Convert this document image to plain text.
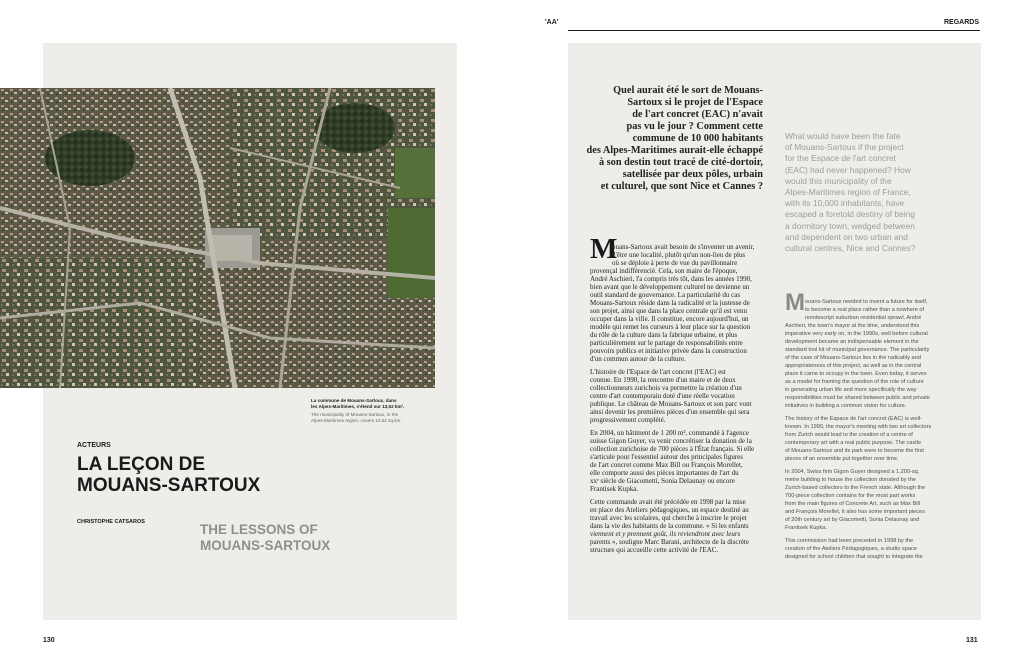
'AA'	REGARDS
La commune de Mouans-Sartoux, dans
les Alpes-Maritimes, s'étend sur 13,52 km².
The municipality of Mouans-Sartoux, in the
Alpes-Maritimes region, covers 13.52 sq.km.
ACTEURS
LA LEÇON DE
MOUANS-SARTOUX
CHRISTOPHE CATSAROS	THE LESSONS OF
MOUANS-SARTOUX
130
Quel aurait été le sort de Mouans-
Sartoux si le projet de l'Espace
de l'art concret (EAC) n'avait
pas vu le jour ? Comment cette
commune de 10 000 habitants
des Alpes-Maritimes aurait-elle échappé
à son destin tout tracé de cité-dortoir,
satellisée par deux pôles, urbain
et culturel, que sont Nice et Cannes ?
What would have been the fate
of Mouans-Sartoux if the project
for the Espace de l'art concret
(EAC) had never happened? How
would this municipality of the
Alpes-Maritimes region of France,
with its 10,000 inhabitants, have
escaped a foretold destiny of being
a dormitory town, wedged between
and dependent on two urban and
cultural centres, Nice and Cannes?
M

ouans-Sartoux avait besoin de s'inventer un avenir,
d'être une localité, plutôt qu'un non-lieu de plus
où se déploie à perte de vue du pavillonnaire
provençal indifférencié. Cela, son maire de l'époque,
André Aschieri, l'a compris très tôt, dans les années 1990,
bien avant que le développement culturel ne devienne un
outil standard de gouvernance. La particularité du cas
Mouans-Sartoux réside dans la radicalité et la justesse de
son projet, ainsi que dans la place centrale qu'il est venu
occuper dans la ville. Il constitue, encore aujourd'hui, un
modèle qui remet les curseurs à leur place sur la question
du rôle de la culture dans la fabrique urbaine, et plus
particulièrement sur le partage de responsabilités entre
pouvoirs publics et initiative privée dans la construction
d'un commun autour de la culture.

L'histoire de l'Espace de l'art concret (l'EAC) est
connue. En 1990, la rencontre d'un maire et de deux
collectionneurs zurichois va permettre la création d'un
centre d'art contemporain doté d'une réelle vocation
publique. Le château de Mouans-Sartoux et son parc vont
ainsi devenir les premières pièces d'un ensemble qui sera
progressivement complété.

En 2004, un bâtiment de 1 200 m², commandé à l'agence
suisse Gigon Guyer, va venir concrétiser la donation de la
collection zurichoise de 700 pièces à l'État français. Si elle
s'articule pour l'essentiel autour des principales figures
de l'art concret comme Max Bill ou François Morellet,
elle comporte aussi des pièces importantes de l'art du
xxᵉ siècle de Giacometti, Sonia Delaunay ou encore
Frantisek Kupka.

Cette commande avait été précédée en 1998 par la mise
en place des Ateliers pédagogiques, un espace destiné au
travail avec les scolaires, qui cherche à inscrire le projet
dans la vie des habitants de la commune. « Si les enfants
viennent et y prennent goût, ils reviendront avec leurs
parents », souligne Marc Barani, architecte de la discrète
structure qui accueille cette activité de l'EAC.

M ouans-Sartoux needed to invent a future for itself,
to become a real place rather than a nowhere of
nondescript suburban residential sprawl. André
Aschieri, the town's mayor at the time, understood this
imperative very early on, in the 1990s, well before cultural
development became an indispensable element in the
standard tool kit of municipal governance. The particularity
of the case of Mouans-Sartoux lies in the radicality and
appropriateness of this project, as well as in the central
place it came to occupy in the town. Even today, it serves
as a model for framing the question of the role of culture
in generating urban life and more specifically the way
responsibilities must be shared between public and private
initiatives in building a common vision for culture.

The history of the Espace de l'art concret (EAC) is well-
known. In 1990, the mayor's meeting with two art collectors
from Zurich would lead to the creation of a centre of
contemporary art with a real public purpose. The castle
of Mouans-Sartoux and its park were to become the first
pieces of an ensemble put together over time.

In 2004, Swiss firm Gigon Guyer designed a 1,200-sq.
metre building to house the collection donated by the
Zurich-based collectors to the French state. Although the
700-piece collection contains for the most part works
from the main figures of Concrete Art, such as Max Bill
and François Morellet, it also has some important pieces
of 20th century art by Giacometti, Sonia Delaunay and
Frantisek Kupka.

This commission had been preceded in 1998 by the
creation of the Ateliers Pédagogiques, a studio space
designed for school children that sought to integrate the

131
